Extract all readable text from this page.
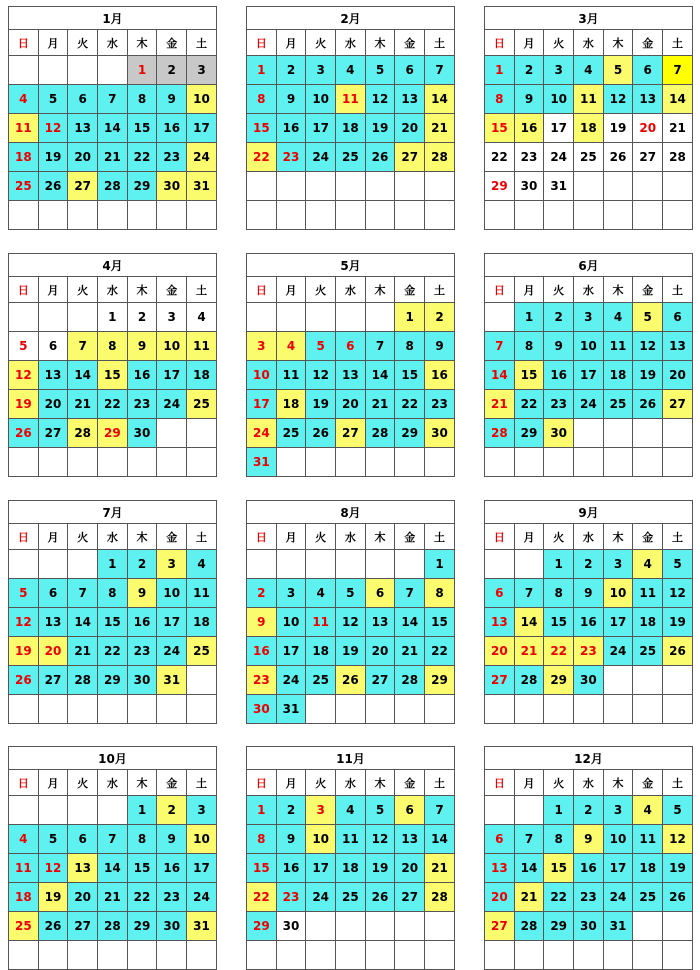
1月						
日	月	火	水	木	金	土
				1	2	3
4	5	6	7	8	9	10
11	12	13	14	15	16	17
18	19	20	21	22	23	24
25	26	27	28	29	30	31

2月						
日	月	火	水	木	金	土
1	2	3	4	5	6	7
8	9	10	11	12	13	14
15	16	17	18	19	20	21
22	23	24	25	26	27	28

3月						
日	月	火	水	木	金	土
1	2	3	4	5	6	7
8	9	10	11	12	13	14
15	16	17	18	19	20	21
22	23	24	25	26	27	28
29	30	31				

4月						
日	月	火	水	木	金	土
			1	2	3	4
5	6	7	8	9	10	11
12	13	14	15	16	17	18
19	20	21	22	23	24	25
26	27	28	29	30		

5月						
日	月	火	水	木	金	土
					1	2
3	4	5	6	7	8	9
10	11	12	13	14	15	16
17	18	19	20	21	22	23
24	25	26	27	28	29	30
31						
6月						
日	月	火	水	木	金	土
	1	2	3	4	5	6
7	8	9	10	11	12	13
14	15	16	17	18	19	20
21	22	23	24	25	26	27
28	29	30				

7月						
日	月	火	水	木	金	土
			1	2	3	4
5	6	7	8	9	10	11
12	13	14	15	16	17	18
19	20	21	22	23	24	25
26	27	28	29	30	31	

8月						
日	月	火	水	木	金	土
						1
2	3	4	5	6	7	8
9	10	11	12	13	14	15
16	17	18	19	20	21	22
23	24	25	26	27	28	29
30	31					
9月						
日	月	火	水	木	金	土
		1	2	3	4	5
6	7	8	9	10	11	12
13	14	15	16	17	18	19
20	21	22	23	24	25	26
27	28	29	30			

10月						
日	月	火	水	木	金	土
				1	2	3
4	5	6	7	8	9	10
11	12	13	14	15	16	17
18	19	20	21	22	23	24
25	26	27	28	29	30	31

11月						
日	月	火	水	木	金	土
1	2	3	4	5	6	7
8	9	10	11	12	13	14
15	16	17	18	19	20	21
22	23	24	25	26	27	28
29	30					

12月						
日	月	火	水	木	金	土
		1	2	3	4	5
6	7	8	9	10	11	12
13	14	15	16	17	18	19
20	21	22	23	24	25	26
27	28	29	30	31		
